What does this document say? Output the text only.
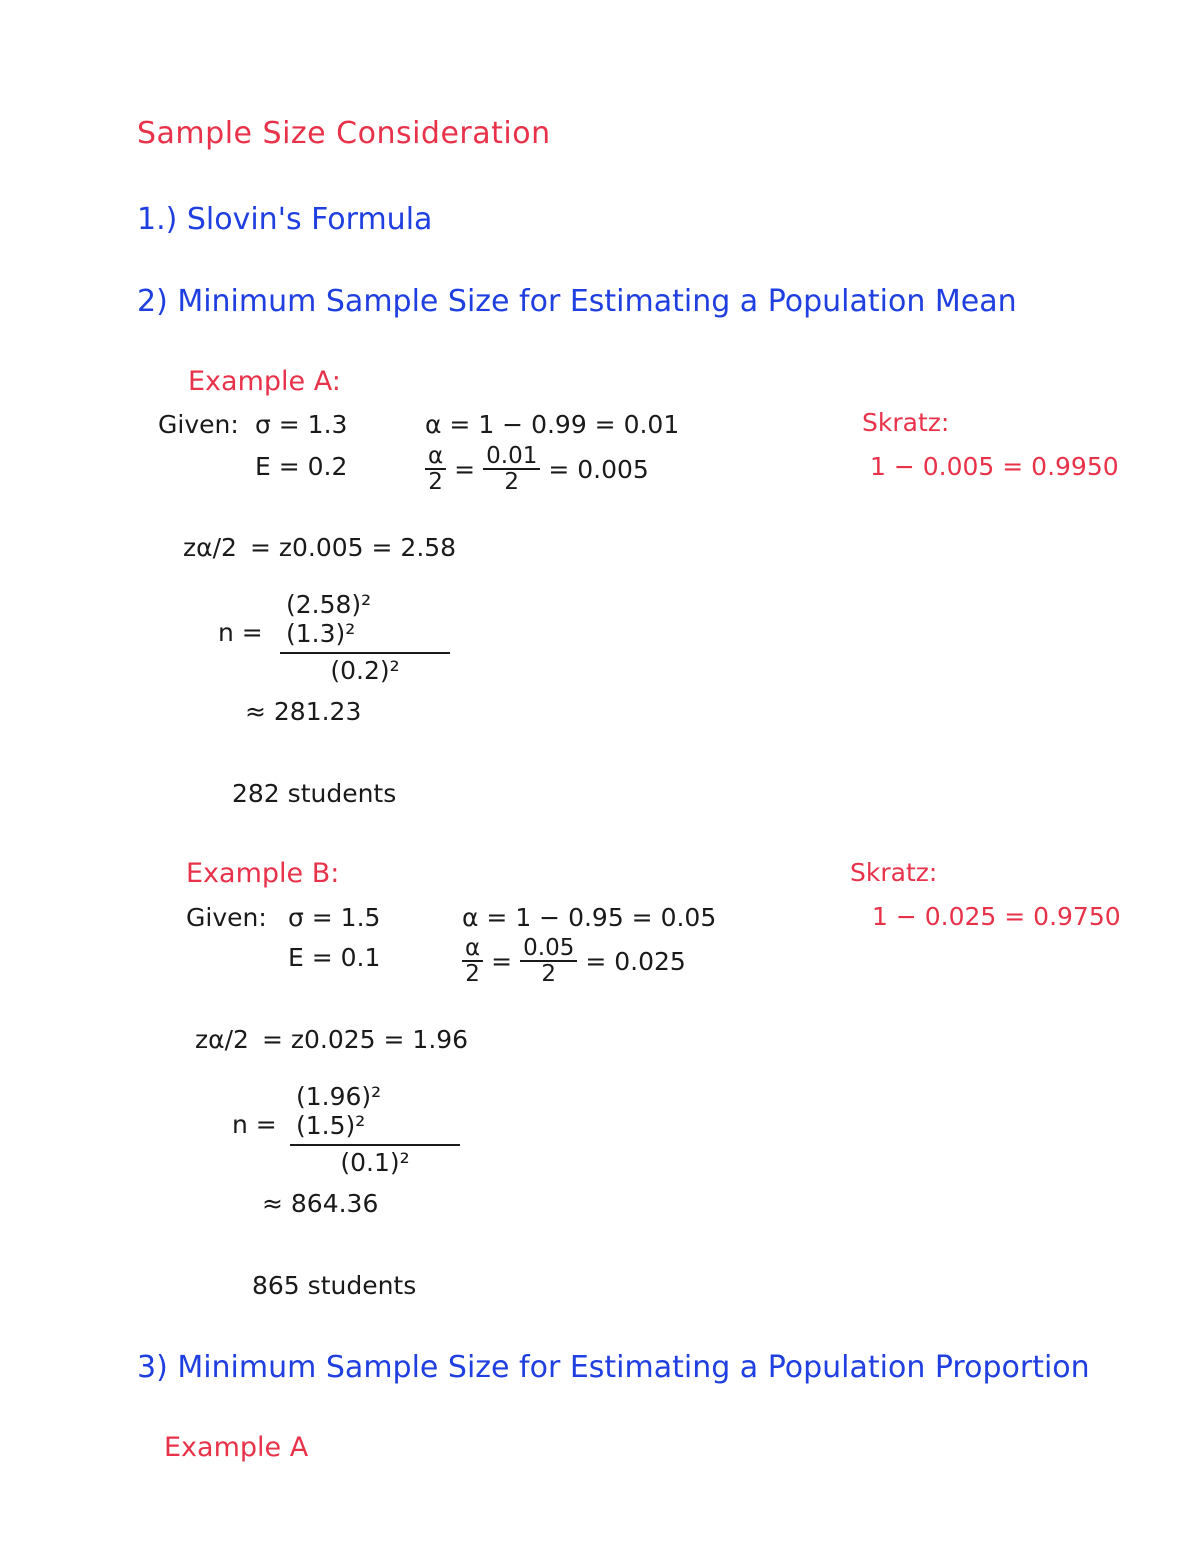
Sample Size Consideration
1.) Slovin's Formula
2) Minimum Sample Size for Estimating a Population Mean
Example A:
Given: σ = 1.3
E = 0.2
α = 1 − 0.99 = 0.01
$\frac{\alpha}{2} = \frac{0.01}{2} = 0.005$
Skratz:
1 − 0.005 = 0.9950
zα/2 = z0.005 = 2.58
$n = \frac{\text{(2.58)² (1.3)²}}{\text{(0.2)²}}$
≈ 281.23
282 students
Example B:
Given: σ = 1.5
E = 0.1
α = 1 − 0.95 = 0.05
$\frac{\alpha}{2} = \frac{0.05}{2} = 0.025$
Skratz:
1 − 0.025 = 0.9750
zα/2 = z0.025 = 1.96
$n = \frac{\text{(1.96)² (1.5)²}}{\text{(0.1)²}}$
≈ 864.36
865 students
3) Minimum Sample Size for Estimating a Population Proportion
Example A
